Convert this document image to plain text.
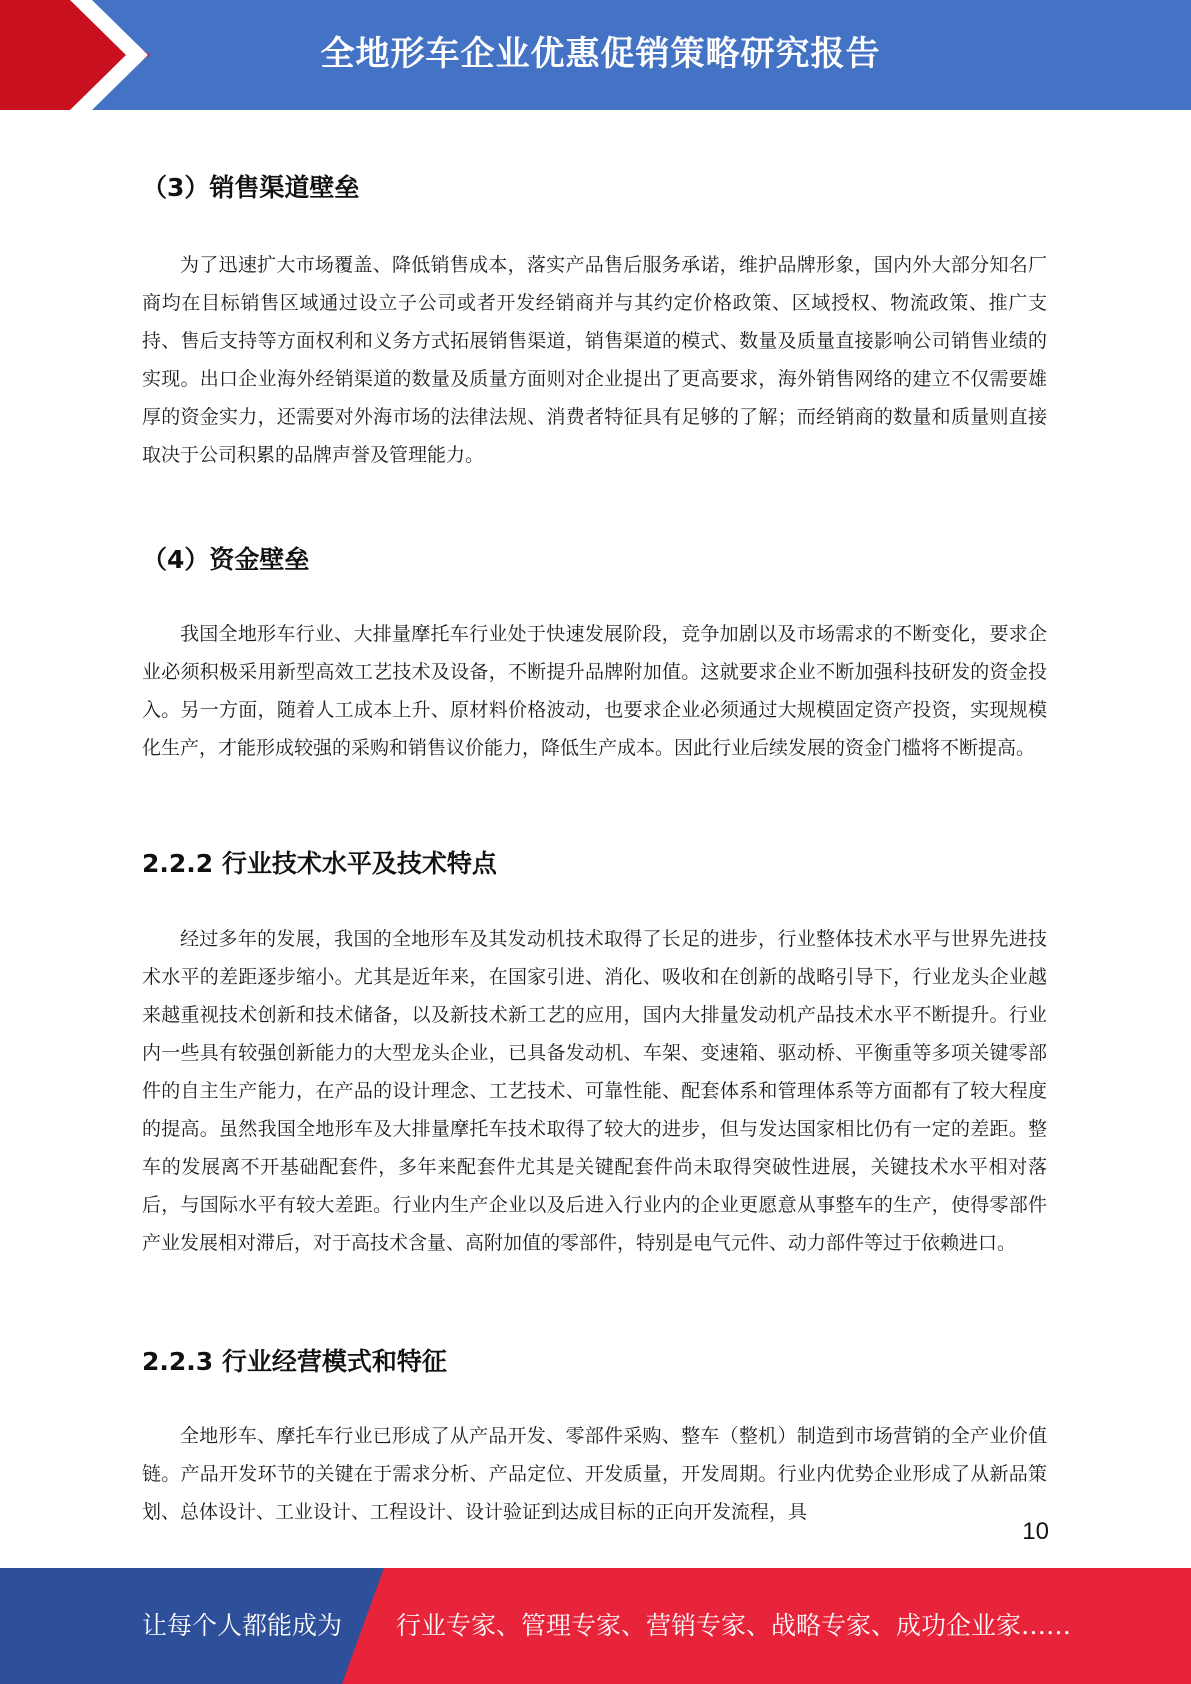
全地形车企业优惠促销策略研究报告
（3）销售渠道壁垒

为了迅速扩大市场覆盖、降低销售成本，落实产品售后服务承诺，维护品牌形象，国内外大部分知名厂商均在目标销售区域通过设立子公司或者开发经销商并与其约定价格政策、区域授权、物流政策、推广支持、售后支持等方面权利和义务方式拓展销售渠道，销售渠道的模式、数量及质量直接影响公司销售业绩的实现。出口企业海外经销渠道的数量及质量方面则对企业提出了更高要求，海外销售网络的建立不仅需要雄厚的资金实力，还需要对外海市场的法律法规、消费者特征具有足够的了解；而经销商的数量和质量则直接取决于公司积累的品牌声誉及管理能力。

（4）资金壁垒

我国全地形车行业、大排量摩托车行业处于快速发展阶段，竞争加剧以及市场需求的不断变化，要求企业必须积极采用新型高效工艺技术及设备，不断提升品牌附加值。这就要求企业不断加强科技研发的资金投入。另一方面，随着人工成本上升、原材料价格波动，也要求企业必须通过大规模固定资产投资，实现规模化生产，才能形成较强的采购和销售议价能力，降低生产成本。因此行业后续发展的资金门槛将不断提高。

2.2.2 行业技术水平及技术特点

经过多年的发展，我国的全地形车及其发动机技术取得了长足的进步，行业整体技术水平与世界先进技术水平的差距逐步缩小。尤其是近年来，在国家引进、消化、吸收和在创新的战略引导下，行业龙头企业越来越重视技术创新和技术储备，以及新技术新工艺的应用，国内大排量发动机产品技术水平不断提升。行业内一些具有较强创新能力的大型龙头企业，已具备发动机、车架、变速箱、驱动桥、平衡重等多项关键零部件的自主生产能力，在产品的设计理念、工艺技术、可靠性能、配套体系和管理体系等方面都有了较大程度的提高。虽然我国全地形车及大排量摩托车技术取得了较大的进步，但与发达国家相比仍有一定的差距。整车的发展离不开基础配套件，多年来配套件尤其是关键配套件尚未取得突破性进展，关键技术水平相对落后，与国际水平有较大差距。行业内生产企业以及后进入行业内的企业更愿意从事整车的生产，使得零部件产业发展相对滞后，对于高技术含量、高附加值的零部件，特别是电气元件、动力部件等过于依赖进口。

2.2.3 行业经营模式和特征

全地形车、摩托车行业已形成了从产品开发、零部件采购、整车（整机）制造到市场营销的全产业价值链。产品开发环节的关键在于需求分析、产品定位、开发质量，开发周期。行业内优势企业形成了从新品策划、总体设计、工业设计、工程设计、设计验证到达成目标的正向开发流程，具

10
让每个人都能成为 行业专家、管理专家、营销专家、战略专家、成功企业家……
